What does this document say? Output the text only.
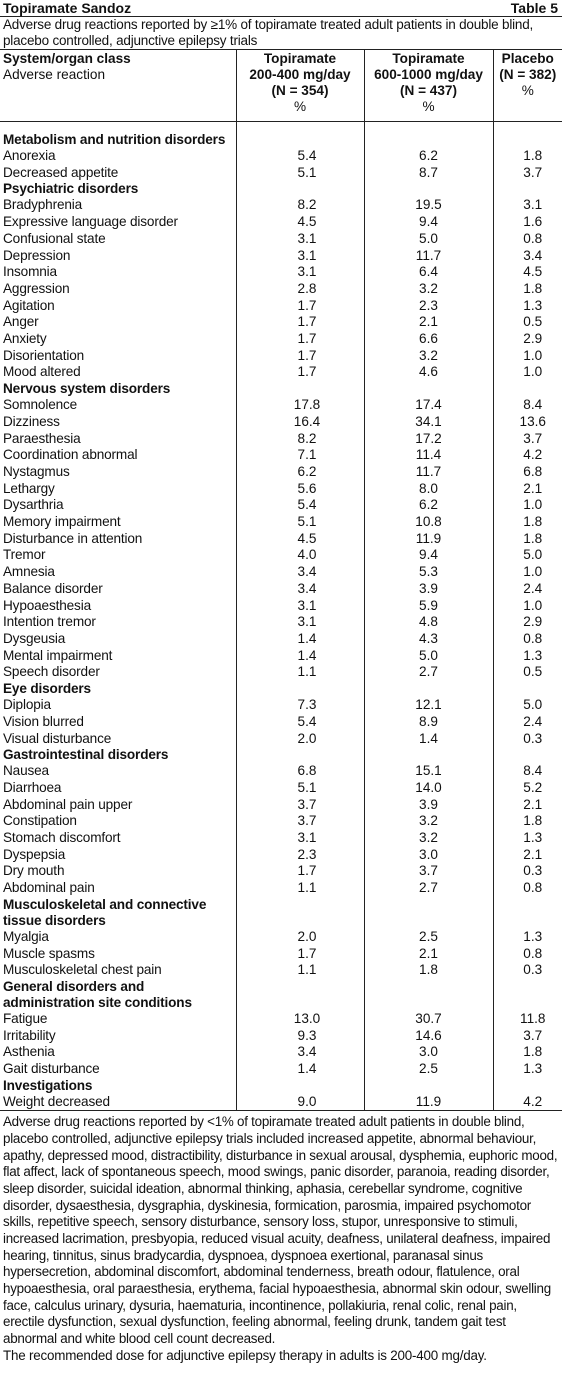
Topiramate Sandoz	Table 5
Adverse drug reactions reported by ≥1% of topiramate treated adult patients in double blind, placebo controlled, adjunctive epilepsy trials
System/organ class
Adverse reaction	Topiramate
200-400 mg/day
(N = 354)
%	Topiramate
600-1000 mg/day
(N = 437)
%	Placebo
(N = 382)
%

Metabolism and nutrition disorders			
Anorexia	5.4	6.2	1.8
Decreased appetite	5.1	8.7	3.7
Psychiatric disorders			
Bradyphrenia	8.2	19.5	3.1
Expressive language disorder	4.5	9.4	1.6
Confusional state	3.1	5.0	0.8
Depression	3.1	11.7	3.4
Insomnia	3.1	6.4	4.5
Aggression	2.8	3.2	1.8
Agitation	1.7	2.3	1.3
Anger	1.7	2.1	0.5
Anxiety	1.7	6.6	2.9
Disorientation	1.7	3.2	1.0
Mood altered	1.7	4.6	1.0
Nervous system disorders			
Somnolence	17.8	17.4	8.4
Dizziness	16.4	34.1	13.6
Paraesthesia	8.2	17.2	3.7
Coordination abnormal	7.1	11.4	4.2
Nystagmus	6.2	11.7	6.8
Lethargy	5.6	8.0	2.1
Dysarthria	5.4	6.2	1.0
Memory impairment	5.1	10.8	1.8
Disturbance in attention	4.5	11.9	1.8
Tremor	4.0	9.4	5.0
Amnesia	3.4	5.3	1.0
Balance disorder	3.4	3.9	2.4
Hypoaesthesia	3.1	5.9	1.0
Intention tremor	3.1	4.8	2.9
Dysgeusia	1.4	4.3	0.8
Mental impairment	1.4	5.0	1.3
Speech disorder	1.1	2.7	0.5
Eye disorders			
Diplopia	7.3	12.1	5.0
Vision blurred	5.4	8.9	2.4
Visual disturbance	2.0	1.4	0.3
Gastrointestinal disorders			
Nausea	6.8	15.1	8.4
Diarrhoea	5.1	14.0	5.2
Abdominal pain upper	3.7	3.9	2.1
Constipation	3.7	3.2	1.8
Stomach discomfort	3.1	3.2	1.3
Dyspepsia	2.3	3.0	2.1
Dry mouth	1.7	3.7	0.3
Abdominal pain	1.1	2.7	0.8
Musculoskeletal and connective tissue disorders			
Myalgia	2.0	2.5	1.3
Muscle spasms	1.7	2.1	0.8
Musculoskeletal chest pain	1.1	1.8	0.3
General disorders and administration site conditions			
Fatigue	13.0	30.7	11.8
Irritability	9.3	14.6	3.7
Asthenia	3.4	3.0	1.8
Gait disturbance	1.4	2.5	1.3
Investigations			
Weight decreased	9.0	11.9	4.2
Adverse drug reactions reported by <1% of topiramate treated adult patients in double blind, placebo controlled, adjunctive epilepsy trials included increased appetite, abnormal behaviour, apathy, depressed mood, distractibility, disturbance in sexual arousal, dysphemia, euphoric mood, flat affect, lack of spontaneous speech, mood swings, panic disorder, paranoia, reading disorder, sleep disorder, suicidal ideation, abnormal thinking, aphasia, cerebellar syndrome, cognitive disorder, dysaesthesia, dysgraphia, dyskinesia, formication, parosmia, impaired psychomotor skills, repetitive speech, sensory disturbance, sensory loss, stupor, unresponsive to stimuli, increased lacrimation, presbyopia, reduced visual acuity, deafness, unilateral deafness, impaired hearing, tinnitus, sinus bradycardia, dyspnoea, dyspnoea exertional, paranasal sinus hypersecretion, abdominal discomfort, abdominal tenderness, breath odour, flatulence, oral hypoaesthesia, oral paraesthesia, erythema, facial hypoaesthesia, abnormal skin odour, swelling face, calculus urinary, dysuria, haematuria, incontinence, pollakiuria, renal colic, renal pain, erectile dysfunction, sexual dysfunction, feeling abnormal, feeling drunk, tandem gait test abnormal and white blood cell count decreased.
The recommended dose for adjunctive epilepsy therapy in adults is 200-400 mg/day.
